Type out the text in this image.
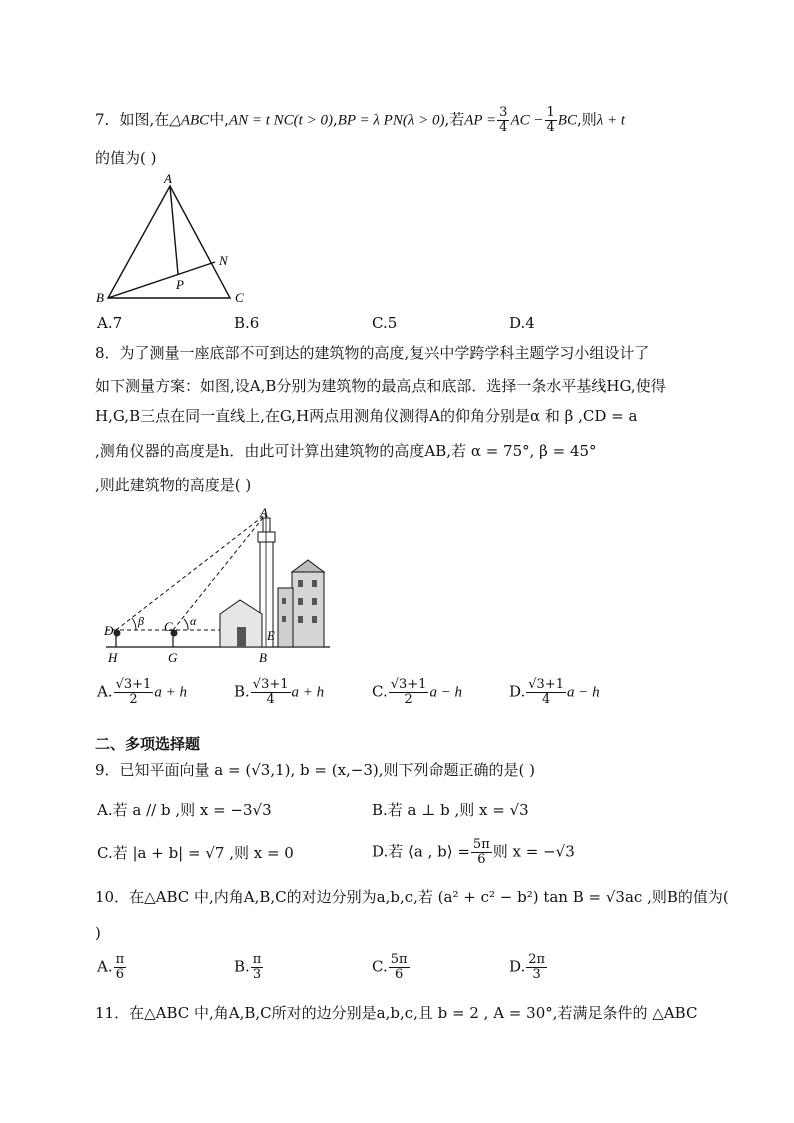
7．如图,在△ABC中,AN = t NC(t > 0),BP = λ PN(λ > 0),若AP = $\frac{3}{4}$ AC − $\frac{1}{4}$ BC,则λ + t
的值为( )
A
B	C
N
P
A.7	B.6	C.5	D.4
8．为了测量一座底部不可到达的建筑物的高度,复兴中学跨学科主题学习小组设计了
如下测量方案：如图,设A,B分别为建筑物的最高点和底部．选择一条水平基线HG,使得
H,G,B三点在同一直线上,在G,H两点用测角仪测得A的仰角分别是α 和 β ,CD = a
,测角仪器的高度是h．由此可计算出建筑物的高度AB,若 α = 75°, β = 45°
,则此建筑物的高度是( )
A
D	C
E
H	G	B
β	α
A. $\frac{√3+1}{2}$ a + h	B. $\frac{√3+1}{4}$ a + h	C. $\frac{√3+1}{2}$ a − h	D. $\frac{√3+1}{4}$ a − h
二、多项选择题
9．已知平面向量 a = (√3,1), b = (x,−3),则下列命题正确的是( )
A.若 a // b ,则 x = −3√3	B.若 a ⊥ b ,则 x = √3
C.若 |a + b| = √7 ,则 x = 0	D.若 ⟨a , b⟩ = $\frac{5\pi}{6}$ 则 x = −√3
10．在△ABC 中,内角A,B,C的对边分别为a,b,c,若 (a² + c² − b²) tan B = √3ac ,则B的值为(
)
A. $\frac{\pi}{6}$	B. $\frac{\pi}{3}$	C. $\frac{5\pi}{6}$	D. $\frac{2\pi}{3}$
11．在△ABC 中,角A,B,C所对的边分别是a,b,c,且 b = 2 , A = 30°,若满足条件的 △ABC
